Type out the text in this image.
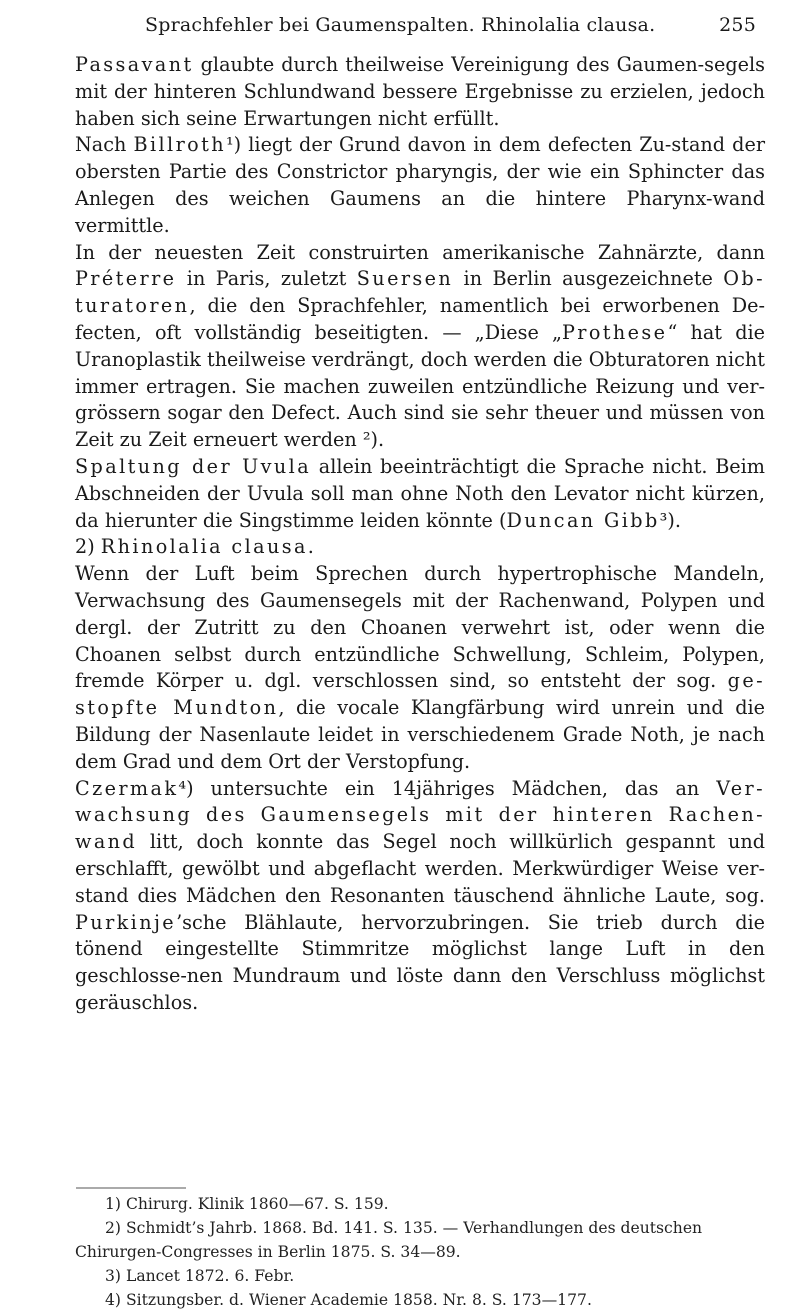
Sprachfehler bei Gaumenspalten. Rhinolalia clausa.	255

Passavant glaubte durch theilweise Vereinigung des Gaumen-segels mit der hinteren Schlundwand bessere Ergebnisse zu erzielen, jedoch haben sich seine Erwartungen nicht erfüllt.

Nach Billroth¹) liegt der Grund davon in dem defecten Zu-stand der obersten Partie des Constrictor pharyngis, der wie ein Sphincter das Anlegen des weichen Gaumens an die hintere Pharynx-wand vermittle.

In der neuesten Zeit construirten amerikanische Zahnärzte, dann Préterre in Paris, zuletzt Suersen in Berlin ausgezeichnete Ob-turatoren, die den Sprachfehler, namentlich bei erworbenen De-fecten, oft vollständig beseitigten. — „Diese „Prothese“ hat die Uranoplastik theilweise verdrängt, doch werden die Obturatoren nicht immer ertragen. Sie machen zuweilen entzündliche Reizung und ver-grössern sogar den Defect. Auch sind sie sehr theuer und müssen von Zeit zu Zeit erneuert werden ²).

Spaltung der Uvula allein beeinträchtigt die Sprache nicht. Beim Abschneiden der Uvula soll man ohne Noth den Levator nicht kürzen, da hierunter die Singstimme leiden könnte (Duncan Gibb³).

2) Rhinolalia clausa.

Wenn der Luft beim Sprechen durch hypertrophische Mandeln, Verwachsung des Gaumensegels mit der Rachenwand, Polypen und dergl. der Zutritt zu den Choanen verwehrt ist, oder wenn die Choanen selbst durch entzündliche Schwellung, Schleim, Polypen, fremde Körper u. dgl. verschlossen sind, so entsteht der sog. ge-stopfte Mundton, die vocale Klangfärbung wird unrein und die Bildung der Nasenlaute leidet in verschiedenem Grade Noth, je nach dem Grad und dem Ort der Verstopfung.

Czermak⁴) untersuchte ein 14jähriges Mädchen, das an Ver-wachsung des Gaumensegels mit der hinteren Rachen-wand litt, doch konnte das Segel noch willkürlich gespannt und erschlafft, gewölbt und abgeflacht werden. Merkwürdiger Weise ver-stand dies Mädchen den Resonanten täuschend ähnliche Laute, sog. Purkinje’sche Blählaute, hervorzubringen. Sie trieb durch die tönend eingestellte Stimmritze möglichst lange Luft in den geschlosse-nen Mundraum und löste dann den Verschluss möglichst geräuschlos.

1) Chirurg. Klinik 1860—67. S. 159.
2) Schmidt’s Jahrb. 1868. Bd. 141. S. 135. — Verhandlungen des deutschen
Chirurgen-Congresses in Berlin 1875. S. 34—89.
3) Lancet 1872. 6. Febr.
4) Sitzungsber. d. Wiener Academie 1858. Nr. 8. S. 173—177.
